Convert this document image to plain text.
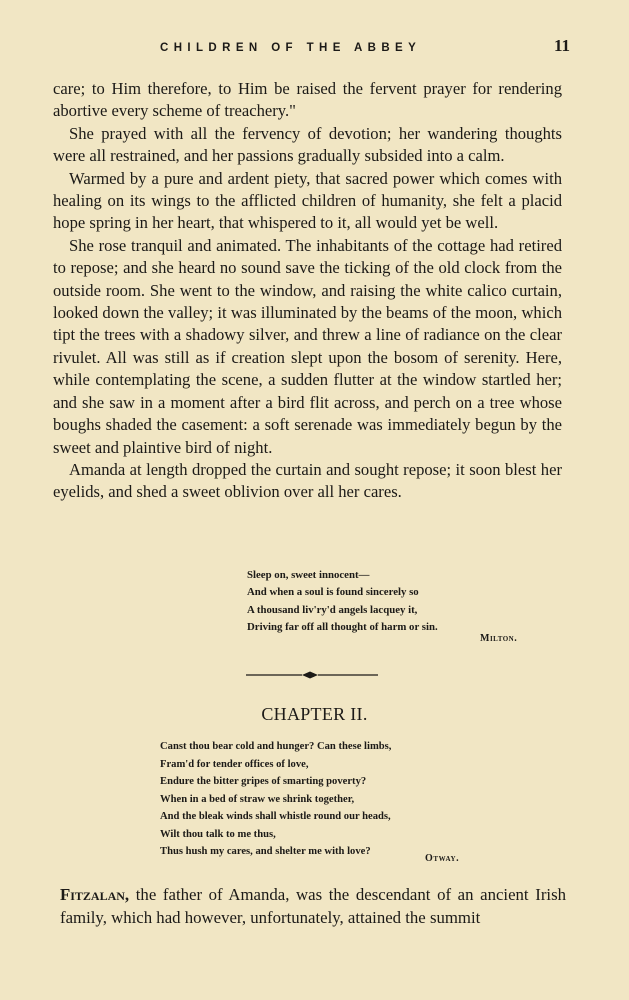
CHILDREN OF THE ABBEY	11

care; to Him therefore, to Him be raised the fervent prayer for rendering abortive every scheme of treachery."

She prayed with all the fervency of devotion; her wandering thoughts were all restrained, and her passions gradually subsided into a calm.

Warmed by a pure and ardent piety, that sacred power which comes with healing on its wings to the afflicted children of humanity, she felt a placid hope spring in her heart, that whispered to it, all would yet be well.

She rose tranquil and animated. The inhabitants of the cottage had retired to repose; and she heard no sound save the ticking of the old clock from the outside room. She went to the window, and raising the white calico curtain, looked down the valley; it was illuminated by the beams of the moon, which tipt the trees with a shadowy silver, and threw a line of radiance on the clear rivulet. All was still as if creation slept upon the bosom of serenity. Here, while contemplating the scene, a sudden flutter at the window startled her; and she saw in a moment after a bird flit across, and perch on a tree whose boughs shaded the casement: a soft serenade was immediately begun by the sweet and plaintive bird of night.

Amanda at length dropped the curtain and sought repose; it soon blest her eyelids, and shed a sweet oblivion over all her cares.

Sleep on, sweet innocent—
And when a soul is found sincerely so
A thousand liv'ry'd angels lacquey it,
Driving far off all thought of harm or sin.
Milton.
CHAPTER II.
Canst thou bear cold and hunger? Can these limbs,
Fram'd for tender offices of love,
Endure the bitter gripes of smarting poverty?
When in a bed of straw we shrink together,
And the bleak winds shall whistle round our heads,
Wilt thou talk to me thus,
Thus hush my cares, and shelter me with love?
Otway.
Fitzalan, the father of Amanda, was the descendant of an ancient Irish family, which had however, unfortunately, attained the summit
